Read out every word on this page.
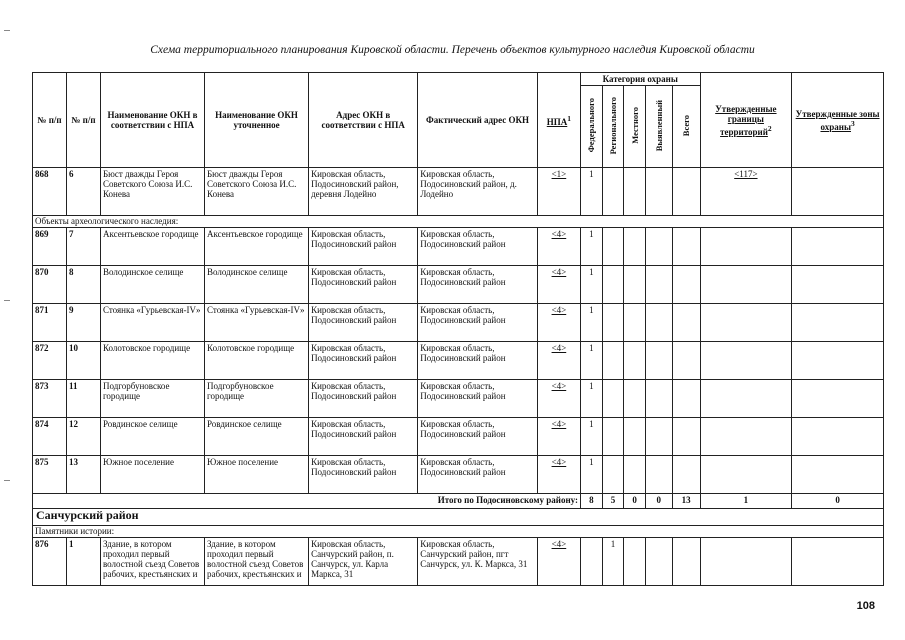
Схема территориального планирования Кировской области. Перечень объектов культурного наследия Кировской области
№ п/п	№ п/п	Наименование ОКН в соответствии с НПА	Наименование ОКН уточненное	Адрес ОКН в соответствии с НПА	Фактический адрес ОКН	НПА$^1$	Категория охраны					Утвержденные границы территорий$^2$	Утвержденные зоны охраны$^3$
							Федерального	Регионального	Местного	Выявленный	Всего		
868	6	Бюст дважды Героя Советского Союза И.С. Конева	Бюст дважды Героя Советского Союза И.С. Конева	Кировская область, Подосиновский район, деревня Лодейно	Кировская область, Подосиновский район, д. Лодейно	<1>	1					<117>	
Объекты археологического наследия:													
869	7	Аксентьевское городище	Аксентьевское городище	Кировская область, Подосиновский район	Кировская область, Подосиновский район	<4>	1						
870	8	Володинское селище	Володинское селище	Кировская область, Подосиновский район	Кировская область, Подосиновский район	<4>	1						
871	9	Стоянка «Гурьевская-IV»	Стоянка «Гурьевская-IV»	Кировская область, Подосиновский район	Кировская область, Подосиновский район	<4>	1						
872	10	Колотовское городище	Колотовское городище	Кировская область, Подосиновский район	Кировская область, Подосиновский район	<4>	1						
873	11	Подгорбуновское городище	Подгорбуновское городище	Кировская область, Подосиновский район	Кировская область, Подосиновский район	<4>	1						
874	12	Ровдинское селище	Ровдинское селище	Кировская область, Подосиновский район	Кировская область, Подосиновский район	<4>	1						
875	13	Южное поселение	Южное поселение	Кировская область, Подосиновский район	Кировская область, Подосиновский район	<4>	1						
Итого по Подосиновскому району:							8	5	0	0	13	1	0
Санчурский район													
Памятники истории:													
876	1	Здание, в котором проходил первый волостной съезд Советов рабочих, крестьянских и	Здание, в котором проходил первый волостной съезд Советов рабочих, крестьянских и	Кировская область, Санчурский район, п. Санчурск, ул. Карла Маркса, 31	Кировская область, Санчурский район, пгт Санчурск, ул. К. Маркса, 31	<4>		1					
108
